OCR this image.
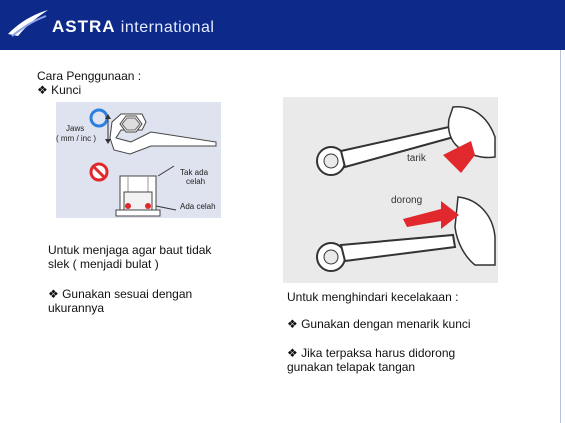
ASTRA international
Cara Penggunaan :
❖ Kunci
Jaws
( mm / inc )
Tak ada
celah
Ada celah
tarik
dorong
Untuk menjaga agar baut tidak slek ( menjadi bulat )
❖ Gunakan sesuai dengan ukurannya
Untuk menghindari kecelakaan :
❖ Gunakan dengan menarik kunci
❖ Jika terpaksa harus didorong gunakan telapak tangan
